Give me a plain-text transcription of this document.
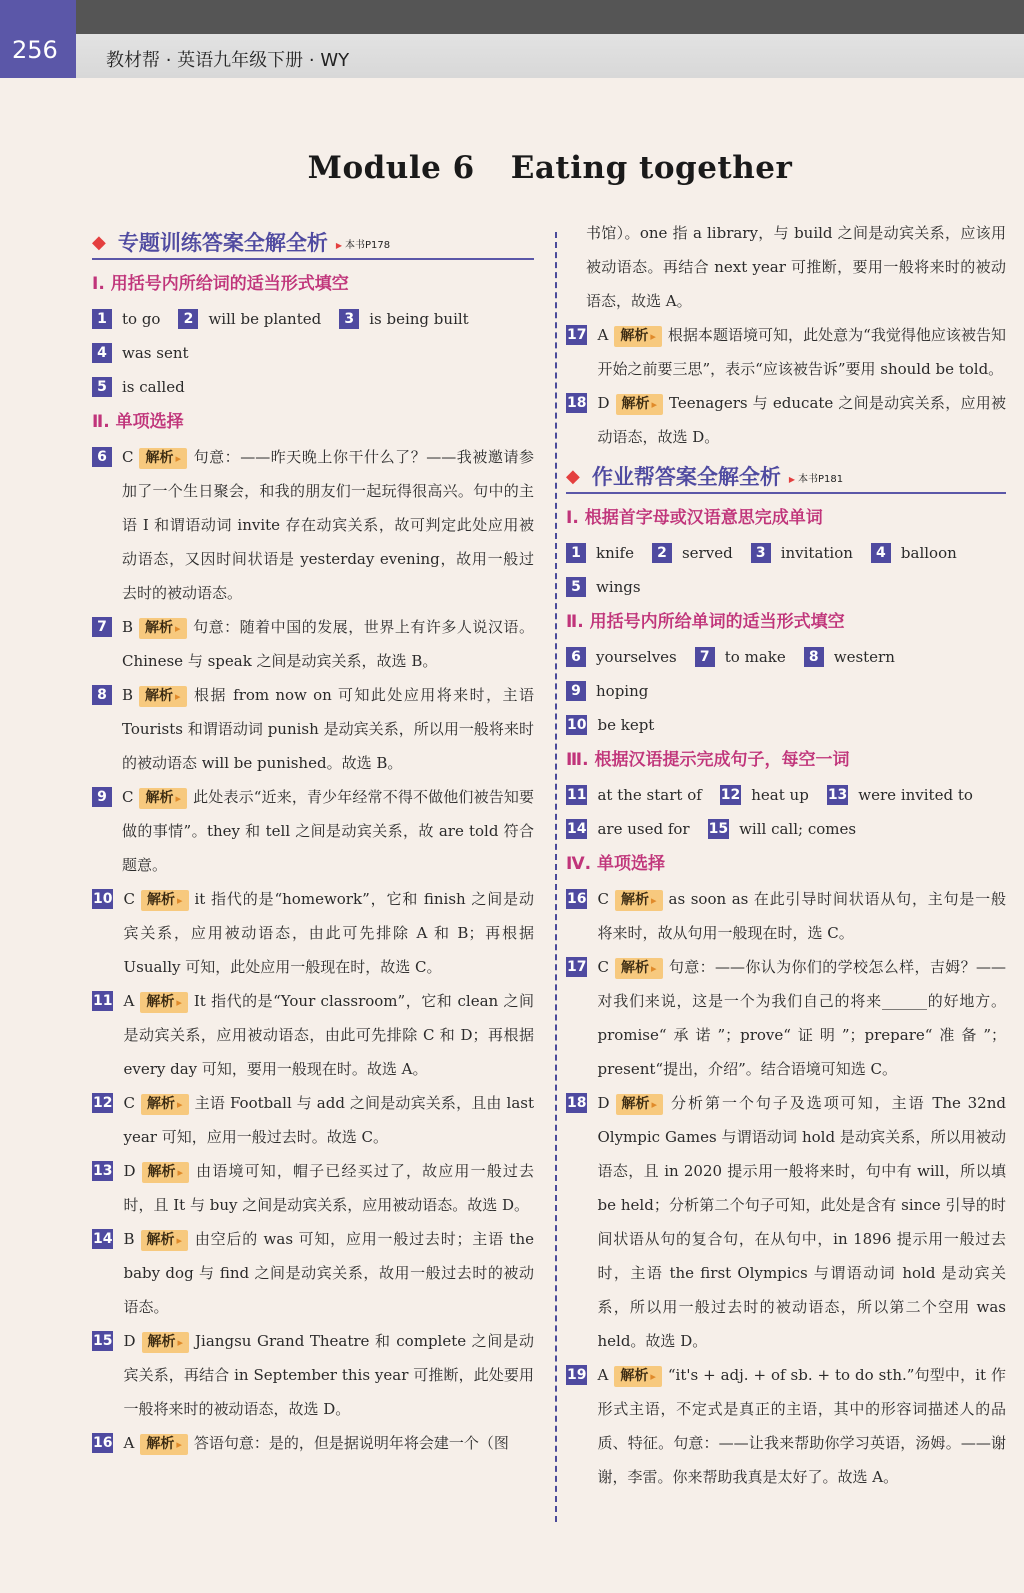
256	教材帮 · 英语九年级下册 · WY
Module 6 Eating together
◆ 专题训练答案全解全析	▶ 本书P178
Ⅰ. 用括号内所给词的适当形式填空
1	to go	2	will be planted	3	is being built
4	was sent
5	is called
Ⅱ. 单项选择
6	C 解析 ▸ 句意：——昨天晚上你干什么了？——我被邀请参加了一个生日聚会，和我的朋友们一起玩得很高兴。句中的主语 I 和谓语动词 invite 存在动宾关系，故可判定此处应用被动语态，又因时间状语是 yesterday evening，故用一般过去时的被动语态。
7	B 解析 ▸ 句意：随着中国的发展，世界上有许多人说汉语。Chinese 与 speak 之间是动宾关系，故选 B。
8	B 解析 ▸ 根据 from now on 可知此处应用将来时，主语 Tourists 和谓语动词 punish 是动宾关系，所以用一般将来时的被动语态 will be punished。故选 B。
9	C 解析 ▸ 此处表示“近来，青少年经常不得不做他们被告知要做的事情”。they 和 tell 之间是动宾关系，故 are told 符合题意。
10 C 解析 ▸ it 指代的是“homework”，它和 finish 之间是动宾关系，应用被动语态，由此可先排除 A 和 B；再根据 Usually 可知，此处应用一般现在时，故选 C。
11 A 解析 ▸ It 指代的是“Your classroom”，它和 clean 之间是动宾关系，应用被动语态，由此可先排除 C 和 D；再根据 every day 可知，要用一般现在时。故选 A。
12 C 解析 ▸ 主语 Football 与 add 之间是动宾关系，且由 last year 可知，应用一般过去时。故选 C。
13 D 解析 ▸ 由语境可知，帽子已经买过了，故应用一般过去时，且 It 与 buy 之间是动宾关系，应用被动语态。故选 D。
14 B 解析 ▸ 由空后的 was 可知，应用一般过去时；主语 the baby dog 与 find 之间是动宾关系，故用一般过去时的被动语态。
15 D 解析 ▸ Jiangsu Grand Theatre 和 complete 之间是动宾关系，再结合 in September this year 可推断，此处要用一般将来时的被动语态，故选 D。
16 A 解析 ▸ 答语句意：是的，但是据说明年将会建一个（图
书馆）。one 指 a library，与 build 之间是动宾关系，应该用被动语态。再结合 next year 可推断，要用一般将来时的被动语态，故选 A。
17 A 解析 ▸ 根据本题语境可知，此处意为“我觉得他应该被告知开始之前要三思”，表示“应该被告诉”要用 should be told。
18 D 解析 ▸ Teenagers 与 educate 之间是动宾关系，应用被动语态，故选 D。
◆ 作业帮答案全解全析	▶ 本书P181
Ⅰ. 根据首字母或汉语意思完成单词
1	knife	2	served	3	invitation	4	balloon
5	wings
Ⅱ. 用括号内所给单词的适当形式填空
6	yourselves	7	to make	8	western
9	hoping
10 be kept
Ⅲ. 根据汉语提示完成句子，每空一词
11 at the start of 12 heat up 13 were invited to
14 are used for 15 will call; comes
Ⅳ. 单项选择
16 C 解析 ▸ as soon as 在此引导时间状语从句，主句是一般将来时，故从句用一般现在时，选 C。
17 C 解析 ▸ 句意：——你认为你们的学校怎么样，吉姆？——对我们来说，这是一个为我们自己的将来______的好地方。promise“承诺”；prove“证明”；prepare“准备”；present“提出，介绍”。结合语境可知选 C。
18 D 解析 ▸ 分析第一个句子及选项可知，主语 The 32nd Olympic Games 与谓语动词 hold 是动宾关系，所以用被动语态，且 in 2020 提示用一般将来时，句中有 will，所以填 be held；分析第二个句子可知，此处是含有 since 引导的时间状语从句的复合句，在从句中，in 1896 提示用一般过去时，主语 the first Olympics 与谓语动词 hold 是动宾关系，所以用一般过去时的被动语态，所以第二个空用 was held。故选 D。
19 A 解析 ▸ “it's + adj. + of sb. + to do sth.”句型中，it 作形式主语，不定式是真正的主语，其中的形容词描述人的品质、特征。句意：——让我来帮助你学习英语，汤姆。——谢谢，李雷。你来帮助我真是太好了。故选 A。
